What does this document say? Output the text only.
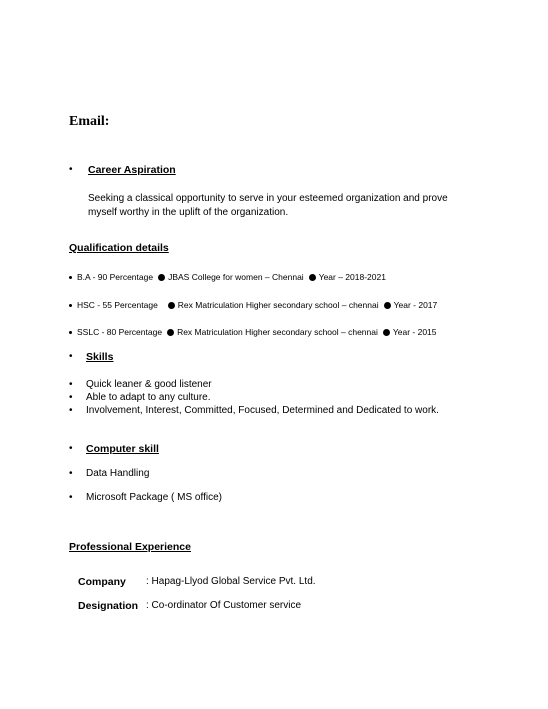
Email:
• Career Aspiration
Seeking a classical opportunity to serve in your esteemed organization and prove
myself worthy in the uplift of the organization.
Qualification details
B.A - 90 Percentage JBAS College for women – Chennai Year – 2018-2021
HSC - 55 Percentage Rex Matriculation Higher secondary school – chennai Year - 2017
SSLC - 80 Percentage Rex Matriculation Higher secondary school – chennai Year - 2015
• Skills
• Quick leaner & good listener
• Able to adapt to any culture.
• Involvement, Interest, Committed, Focused, Determined and Dedicated to work.
• Computer skill
• Data Handling
• Microsoft Package ( MS office)
Professional Experience
Company : Hapag-Llyod Global Service Pvt. Ltd.
Designation : Co-ordinator Of Customer service
